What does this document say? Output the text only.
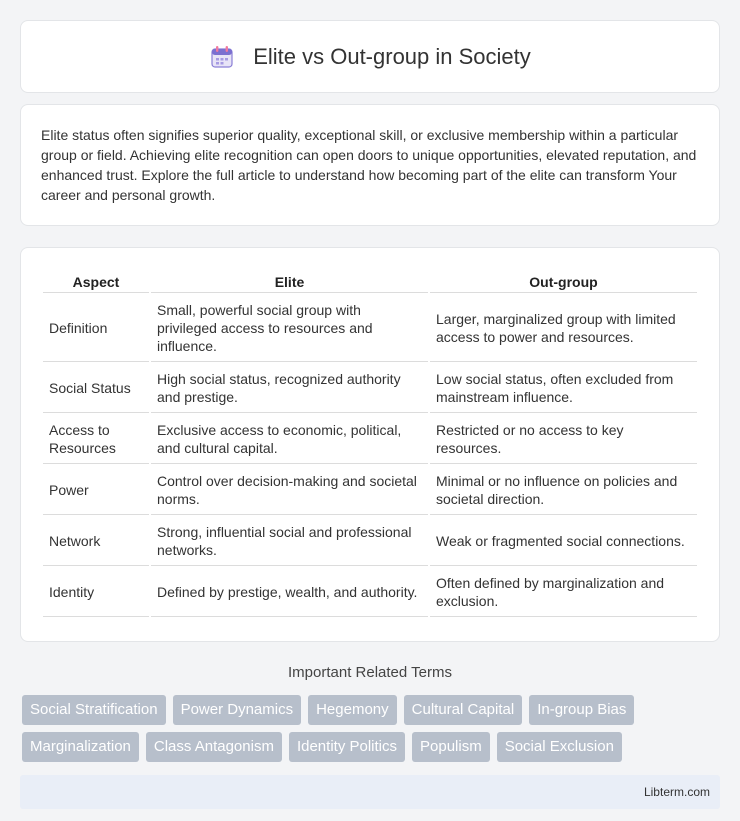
Elite vs Out-group in Society

Elite status often signifies superior quality, exceptional skill, or exclusive membership within a particular group or field. Achieving elite recognition can open doors to unique opportunities, elevated reputation, and enhanced trust. Explore the full article to understand how becoming part of the elite can transform Your career and personal growth.

Aspect	Elite	Out-group
Definition	Small, powerful social group with privileged access to resources and influence.	Larger, marginalized group with limited access to power and resources.
Social Status	High social status, recognized authority and prestige.	Low social status, often excluded from mainstream influence.
Access to Resources	Exclusive access to economic, political, and cultural capital.	Restricted or no access to key resources.
Power	Control over decision-making and societal norms.	Minimal or no influence on policies and societal direction.
Network	Strong, influential social and professional networks.	Weak or fragmented social connections.
Identity	Defined by prestige, wealth, and authority.	Often defined by marginalization and exclusion.
Important Related Terms
Social Stratification	Power Dynamics	Hegemony	Cultural Capital	In-group Bias
Marginalization	Class Antagonism	Identity Politics	Populism	Social Exclusion
Libterm.com
